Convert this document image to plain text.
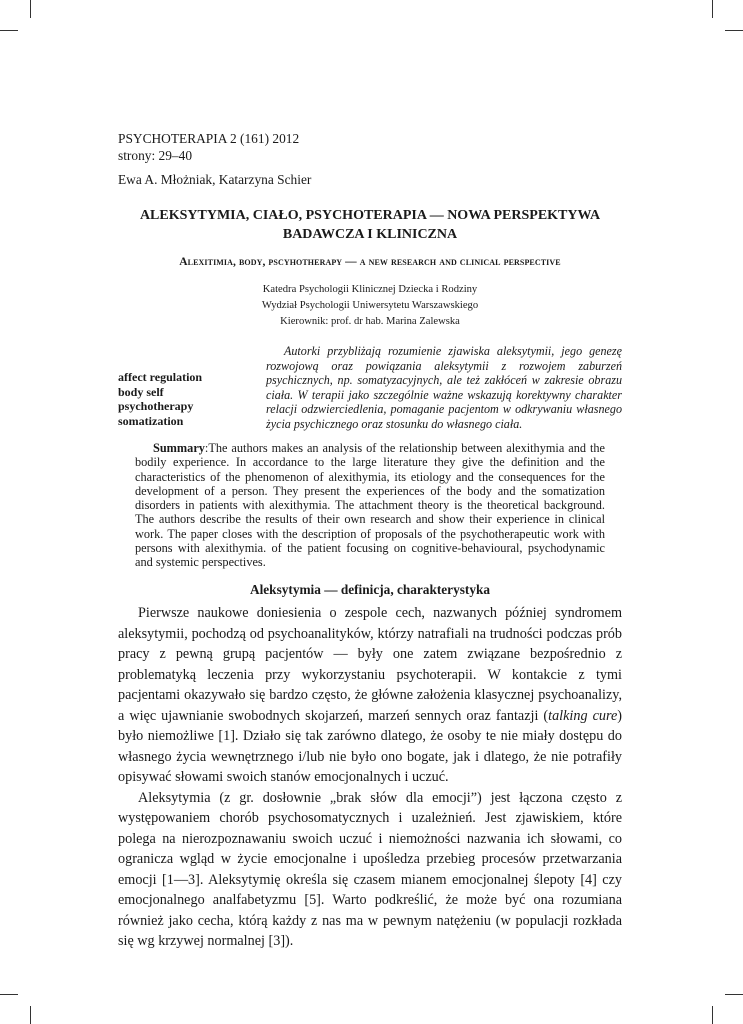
PSYCHOTERAPIA 2 (161) 2012
strony: 29–40
Ewa A. Młożniak, Katarzyna Schier
ALEKSYTYMIA, CIAŁO, PSYCHOTERAPIA — NOWA PERSPEKTYWA
BADAWCZA I KLINICZNA
Alexitimia, body, pscyhotherapy — a new research and clinical perspective
Katedra Psychologii Klinicznej Dziecka i Rodziny
Wydział Psychologii Uniwersytetu Warszawskiego
Kierownik: prof. dr hab. Marina Zalewska
affect regulation
body self
psychotherapy
somatization
Autorki przybliżają rozumienie zjawiska aleksytymii, jego genezę rozwojową oraz powiązania aleksytymii z rozwojem zaburzeń psychicznych, np. somatyzacyjnych, ale też zakłóceń w zakresie obrazu ciała. W terapii jako szczególnie ważne wskazują korektywny charakter relacji odzwierciedlenia, pomaganie pacjentom w odkrywaniu własnego życia psychicznego oraz stosunku do własnego ciała.
Summary:The authors makes an analysis of the relationship between alexithymia and the bodily experience. In accordance to the large literature they give the definition and the characteristics of the phenomenon of alexithymia, its etiology and the consequences for the development of a person. They present the experiences of the body and the somatization disorders in patients with alexithymia. The attachment theory is the theoretical background. The authors describe the results of their own research and show their experience in clinical work. The paper closes with the description of proposals of the psychotherapeutic work with persons with alexithymia. of the patient focusing on cognitive-behavioural, psychodynamic and systemic perspectives.
Aleksytymia — definicja, charakterystyka

Pierwsze naukowe doniesienia o zespole cech, nazwanych później syndromem aleksytymii, pochodzą od psychoanalityków, którzy natrafiali na trudności podczas prób pracy z pewną grupą pacjentów — były one zatem związane bezpośrednio z problematyką leczenia przy wykorzystaniu psychoterapii. W kontakcie z tymi pacjentami okazywało się bardzo często, że główne założenia klasycznej psychoanalizy, a więc ujawnianie swobodnych skojarzeń, marzeń sennych oraz fantazji (talking cure) było niemożliwe [1]. Działo się tak zarówno dlatego, że osoby te nie miały dostępu do własnego życia wewnętrznego i/lub nie było ono bogate, jak i dlatego, że nie potrafiły opisywać słowami swoich stanów emocjonalnych i uczuć.

Aleksytymia (z gr. dosłownie „brak słów dla emocji”) jest łączona często z występowaniem chorób psychosomatycznych i uzależnień. Jest zjawiskiem, które polega na nierozpoznawaniu swoich uczuć i niemożności nazwania ich słowami, co ogranicza wgląd w życie emocjonalne i upośledza przebieg procesów przetwarzania emocji [1—3]. Aleksytymię określa się czasem mianem emocjonalnej ślepoty [4] czy emocjonalnego analfabetyzmu [5]. Warto podkreślić, że może być ona rozumiana również jako cecha, którą każdy z nas ma w pewnym natężeniu (w populacji rozkłada się wg krzywej normalnej [3]).
